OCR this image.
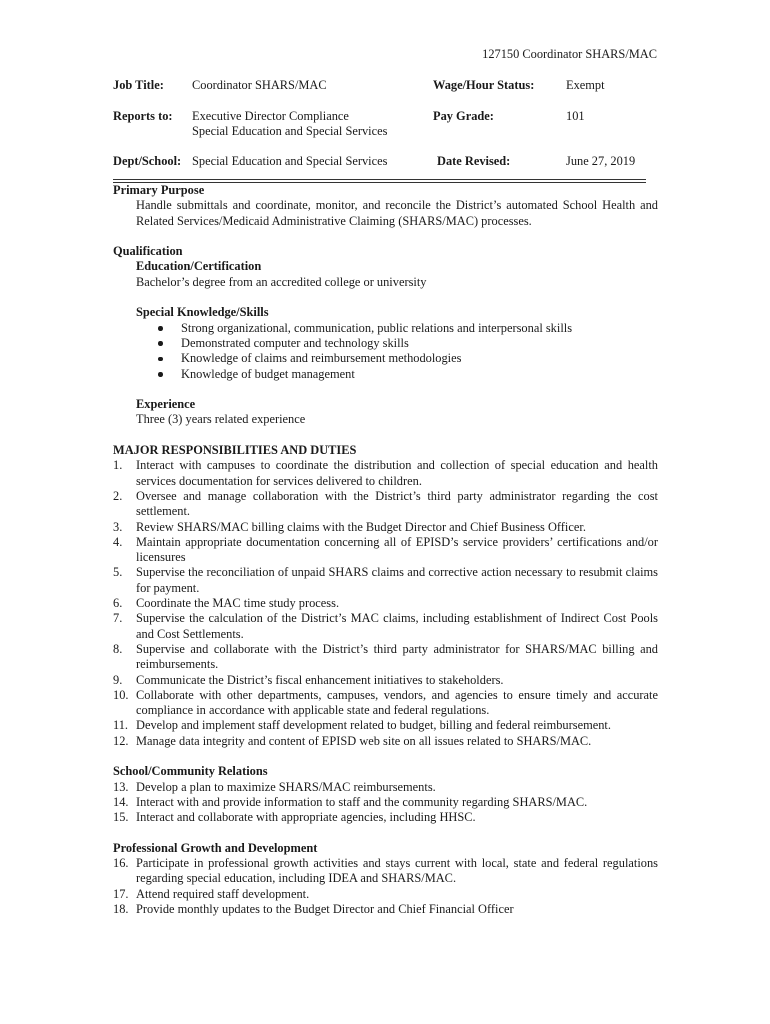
127150 Coordinator SHARS/MAC
Job Title: Coordinator SHARS/MAC	Wage/Hour Status:	Exempt
Reports to: Executive Director Compliance
Special Education and Special Services
Pay Grade:	101
Dept/School: Special Education and Special Services	Date Revised:	June 27, 2019
Primary Purpose
Handle submittals and coordinate, monitor, and reconcile the District’s automated School Health and Related Services/Medicaid Administrative Claiming (SHARS/MAC) processes.
Qualification
Education/Certification
Bachelor’s degree from an accredited college or university
Special Knowledge/Skills
Strong organizational, communication, public relations and interpersonal skills
Demonstrated computer and technology skills
Knowledge of claims and reimbursement methodologies
Knowledge of budget management
Experience
Three (3) years related experience
MAJOR RESPONSIBILITIES AND DUTIES
1.	Interact with campuses to coordinate the distribution and collection of special education and health services documentation for services delivered to children.
2.	Oversee and manage collaboration with the District’s third party administrator regarding the cost settlement.
3.	Review SHARS/MAC billing claims with the Budget Director and Chief Business Officer.
4.	Maintain appropriate documentation concerning all of EPISD’s service providers’ certifications and/or licensures
5.	Supervise the reconciliation of unpaid SHARS claims and corrective action necessary to resubmit claims for payment.
6.	Coordinate the MAC time study process.
7.	Supervise the calculation of the District’s MAC claims, including establishment of Indirect Cost Pools and Cost Settlements.
8.	Supervise and collaborate with the District’s third party administrator for SHARS/MAC billing and reimbursements.
9.	Communicate the District’s fiscal enhancement initiatives to stakeholders.
10. Collaborate with other departments, campuses, vendors, and agencies to ensure timely and accurate compliance in accordance with applicable state and federal regulations.
11. Develop and implement staff development related to budget, billing and federal reimbursement.
12. Manage data integrity and content of EPISD web site on all issues related to SHARS/MAC.
School/Community Relations
13. Develop a plan to maximize SHARS/MAC reimbursements.
14. Interact with and provide information to staff and the community regarding SHARS/MAC.
15. Interact and collaborate with appropriate agencies, including HHSC.
Professional Growth and Development
16. Participate in professional growth activities and stays current with local, state and federal regulations regarding special education, including IDEA and SHARS/MAC.
17. Attend required staff development.
18. Provide monthly updates to the Budget Director and Chief Financial Officer
